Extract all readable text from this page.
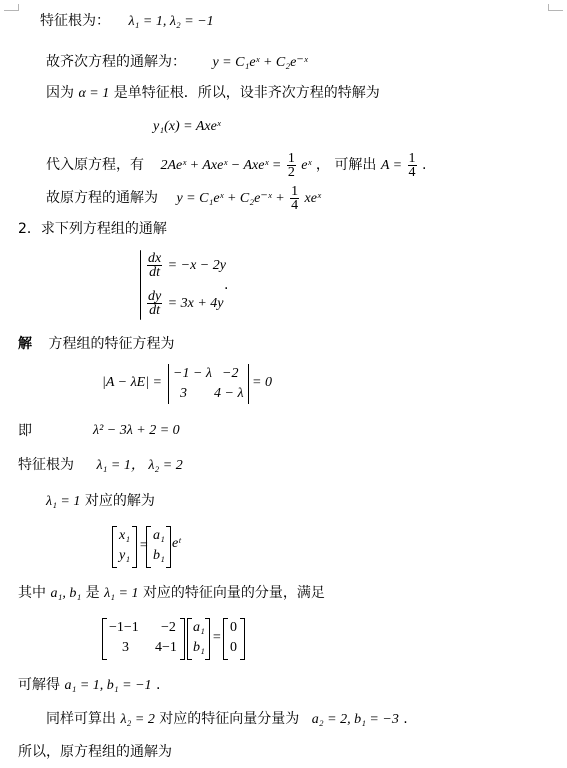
特征根为： λ₁ = 1, λ₂ = −1
故齐次方程的通解为： y = C₁eˣ + C₂e⁻ˣ
因为 α = 1 是单特征根．所以，设非齐次方程的特解为
y₁(x) = Axeˣ
代入原方程，有 2Aeˣ + Axeˣ − Axeˣ = $\frac{1}{2}$ eˣ ， 可解出 $A = \frac{1}{4}$ .
故原方程的通解为 y = C₁eˣ + C₂e⁻ˣ + $\frac{1}{4}$ xeˣ
2．求下列方程组的通解
$\frac{dx}{dt} = -x - 2y$
$\frac{dy}{dt} = 3x + 4y$
.
解 方程组的特征方程为
|A − λE| =
−1 − λ −2
3 4 − λ
= 0
即	λ² − 3λ + 2 = 0
特征根为 λ₁ = 1， λ₂ = 2
λ₁ = 1 对应的解为
x₁
y₁
=
a₁
b₁
eᵗ
其中 a₁, b₁ 是 λ₁ = 1 对应的特征向量的分量，满足
−1−1 −2
3 4−1
a₁
b₁
=
0
0
可解得 a₁ = 1, b₁ = −1 .
同样可算出 λ₂ = 2 对应的特征向量分量为 a₂ = 2, b₁ = −3 .
所以，原方程组的通解为
